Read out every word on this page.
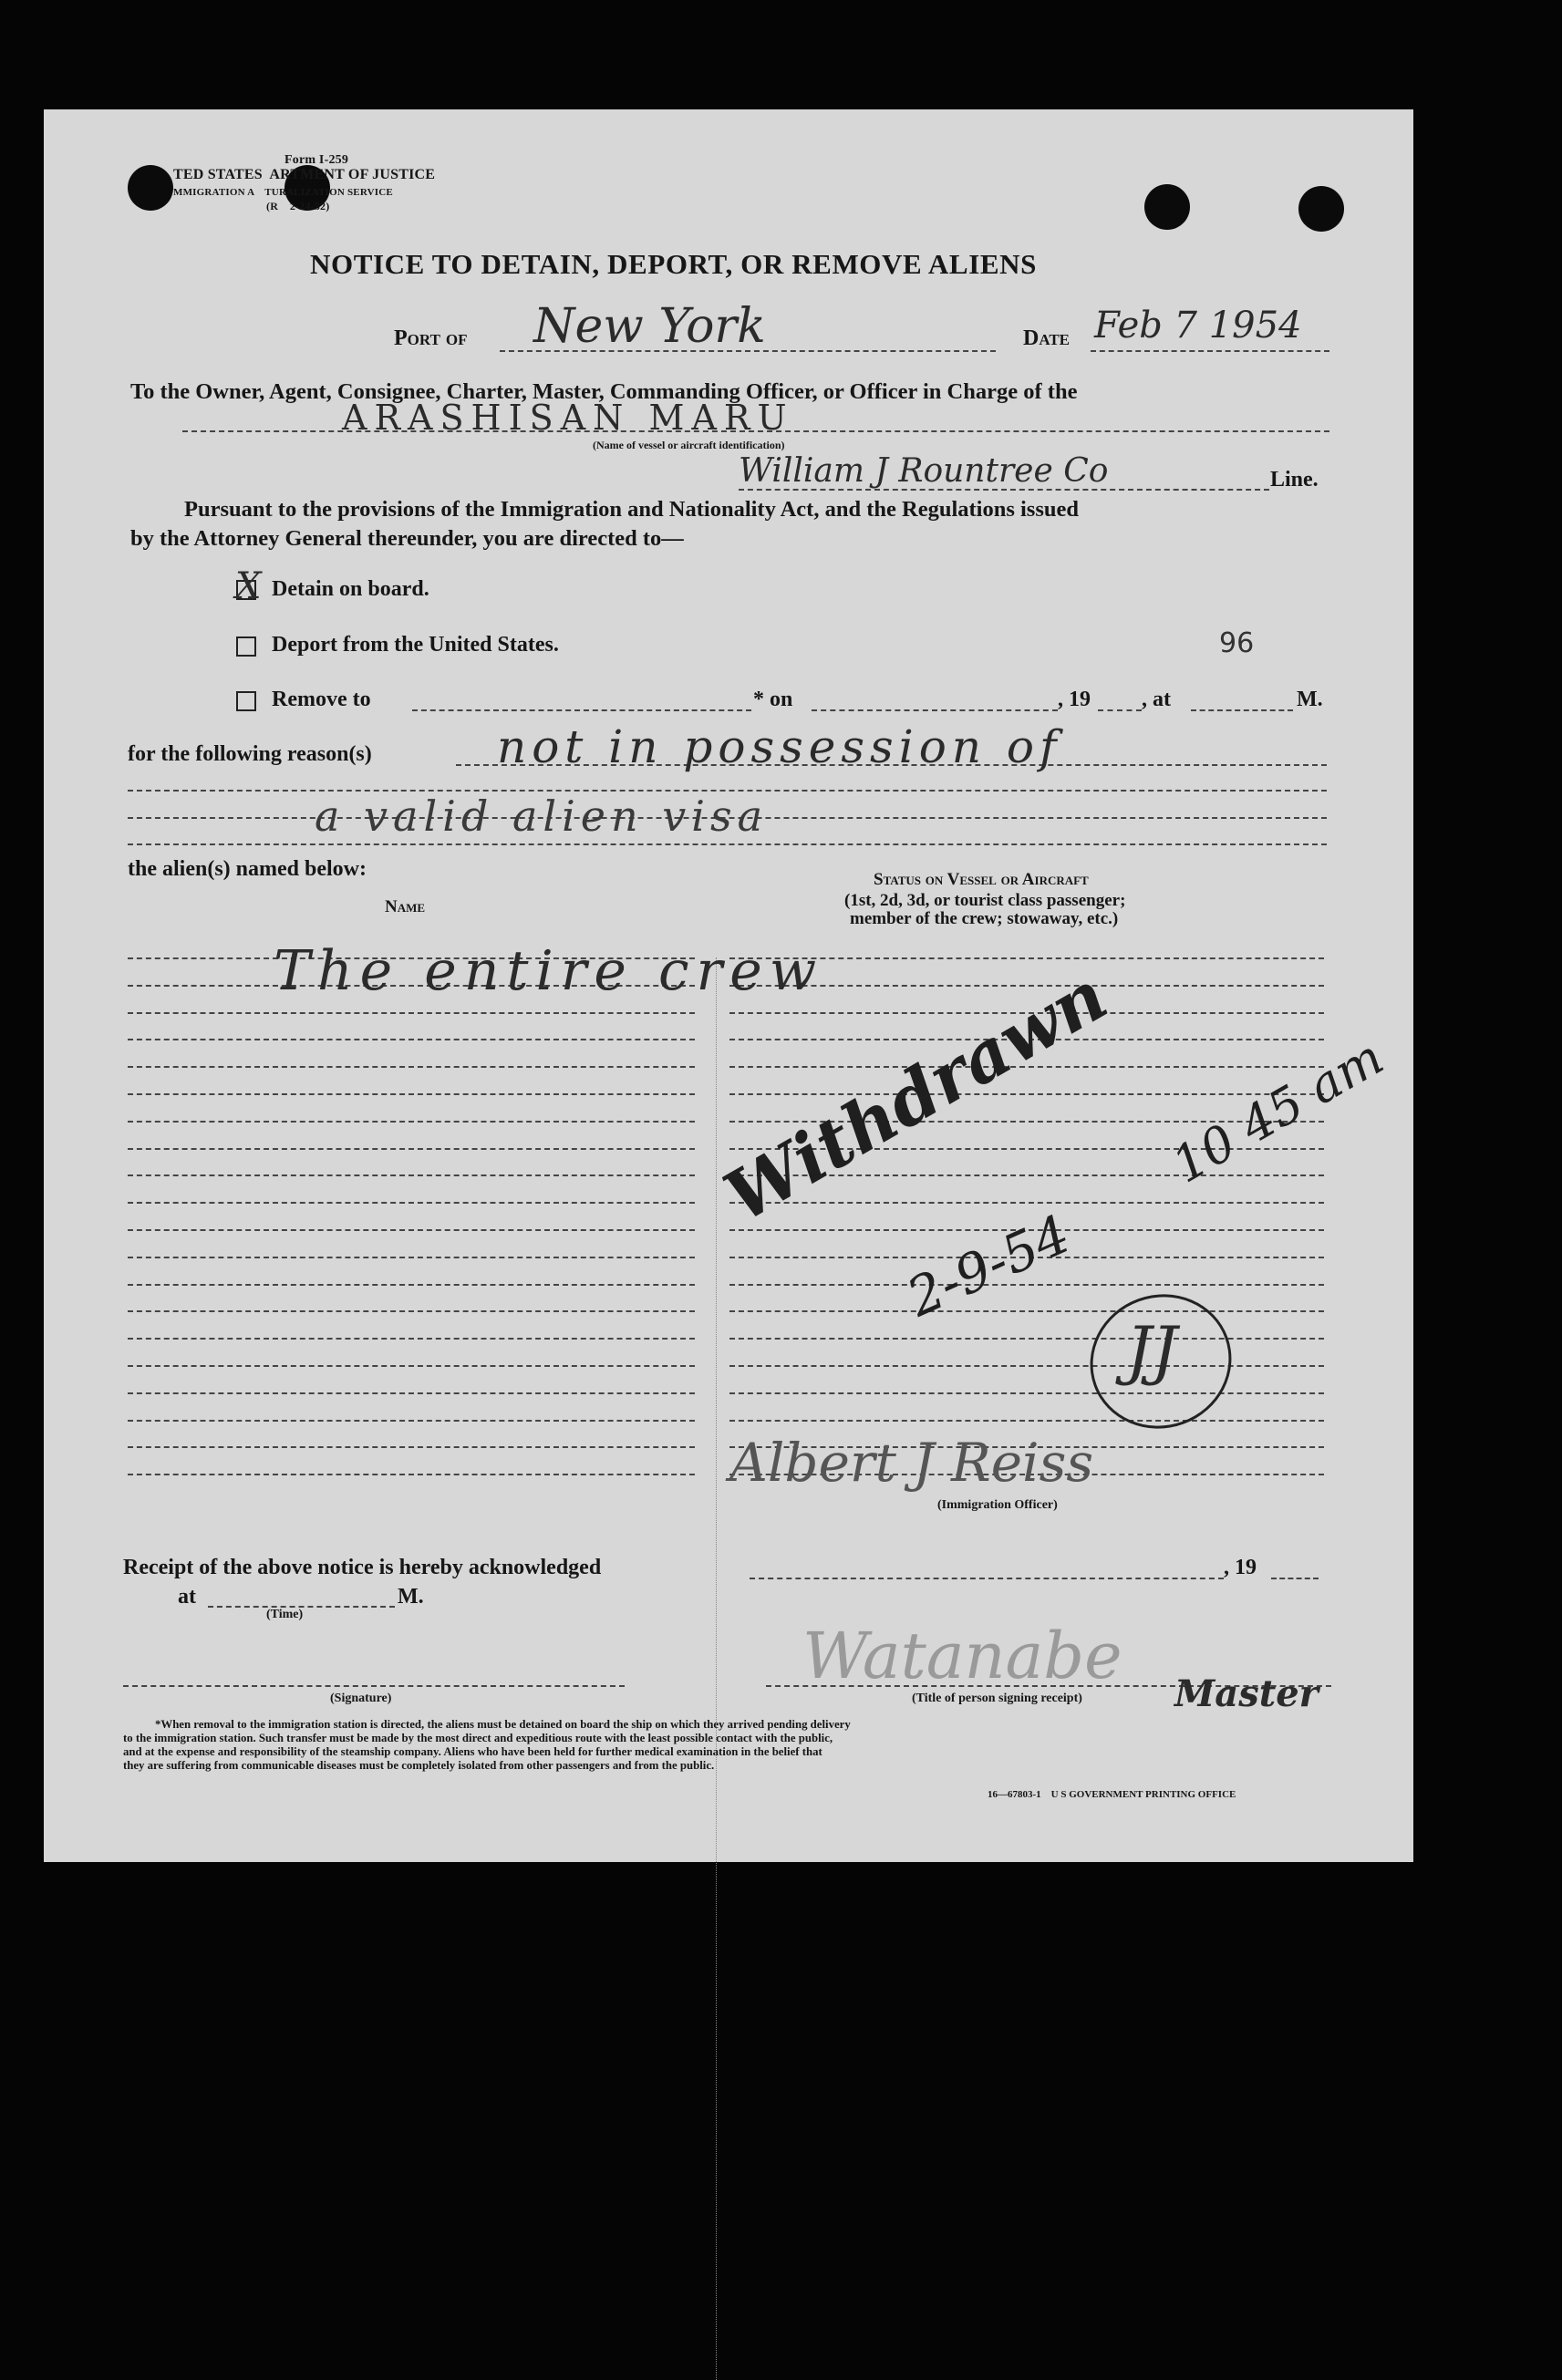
Form I-259
TED STATES  ARTMENT OF JUSTICE
MMIGRATION A    TURALIZATION SERVICE
(R    2-24-52)
NOTICE TO DETAIN, DEPORT, OR REMOVE ALIENS
Port of New York	Date Feb 7 1954
To the Owner, Agent, Consignee, Charter, Master, Commanding Officer, or Officer in Charge of the
ARASHISAN MARU
(Name of vessel or aircraft identification)
William J Rountree Co	Line.
Pursuant to the provisions of the Immigration and Nationality Act, and the Regulations issued
by the Attorney General thereunder, you are directed to—
X Detain on board.
Deport from the United States.	96
Remove to	* on	, 19 , at	M.
for the following reason(s)	not in possession of
a valid alien visa
the alien(s) named below:
Name
Status on Vessel or Aircraft
(1st, 2d, 3d, or tourist class passenger;
member of the crew; stowaway, etc.)
The entire crew
Withdrawn
2-9-54
10 45 am
JJ
Albert J Reiss
(Immigration Officer)
Receipt of the above notice is hereby acknowledged	, 19
at	M.
(Time)
Watanabe
(Signature)	(Title of person signing receipt)	Master
*When removal to the immigration station is directed, the aliens must be detained on board the ship on which they arrived pending delivery
to the immigration station. Such transfer must be made by the most direct and expeditious route with the least possible contact with the public,
and at the expense and responsibility of the steamship company. Aliens who have been held for further medical examination in the belief that
they are suffering from communicable diseases must be completely isolated from other passengers and from the public.
16—67803-1    U S GOVERNMENT PRINTING OFFICE
